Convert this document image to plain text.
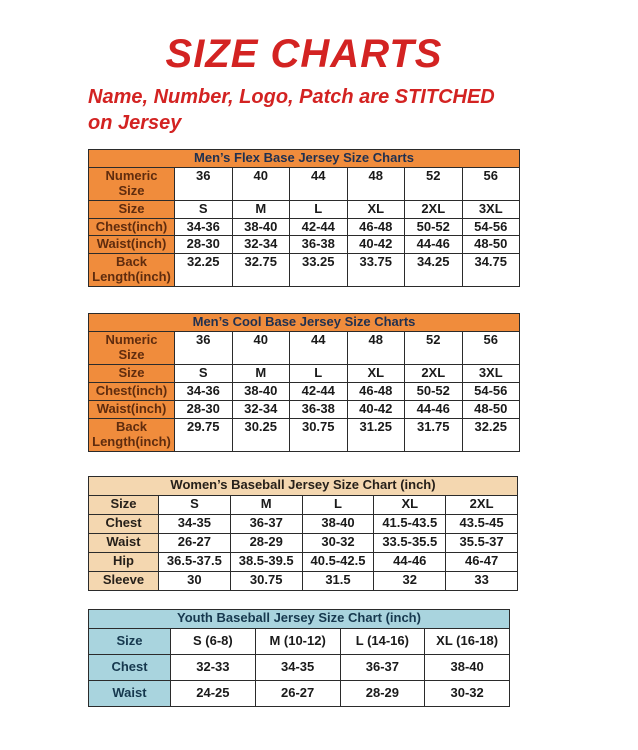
SIZE CHARTS

Name, Number, Logo, Patch are STITCHED
on Jersey

Men’s Flex Base Jersey Size Charts						
Numeric Size	36	40	44	48	52	56
Size	S	M	L	XL	2XL	3XL
Chest(inch)	34-36	38-40	42-44	46-48	50-52	54-56
Waist(inch)	28-30	32-34	36-38	40-42	44-46	48-50
Back Length(inch)	32.25	32.75	33.25	33.75	34.25	34.75
Men’s Cool Base Jersey Size Charts						
Numeric Size	36	40	44	48	52	56
Size	S	M	L	XL	2XL	3XL
Chest(inch)	34-36	38-40	42-44	46-48	50-52	54-56
Waist(inch)	28-30	32-34	36-38	40-42	44-46	48-50
Back Length(inch)	29.75	30.25	30.75	31.25	31.75	32.25
Women’s Baseball Jersey Size Chart (inch)					
Size	S	M	L	XL	2XL
Chest	34-35	36-37	38-40	41.5-43.5	43.5-45
Waist	26-27	28-29	30-32	33.5-35.5	35.5-37
Hip	36.5-37.5	38.5-39.5	40.5-42.5	44-46	46-47
Sleeve	30	30.75	31.5	32	33
Youth Baseball Jersey Size Chart (inch)				
Size	S (6-8)	M (10-12)	L (14-16)	XL (16-18)
Chest	32-33	34-35	36-37	38-40
Waist	24-25	26-27	28-29	30-32
